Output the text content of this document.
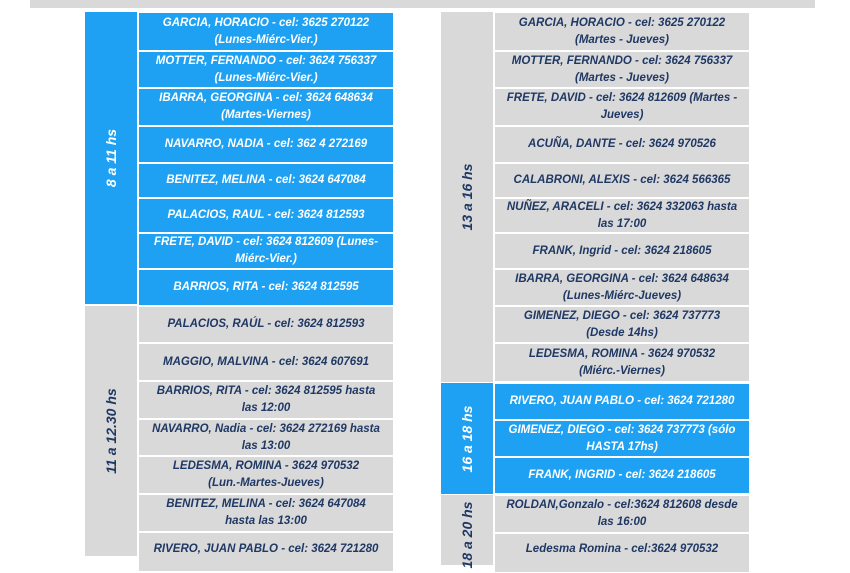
8 a 11 hs
11 a 12.30 hs
GARCIA, HORACIO - cel: 3625 270122
(Lunes-Miérc-Vier.)
MOTTER, FERNANDO - cel: 3624 756337
(Lunes-Miérc-Vier.)
IBARRA, GEORGINA - cel: 3624 648634
(Martes-Viernes)
NAVARRO, NADIA - cel: 362 4 272169
BENITEZ, MELINA - cel: 3624 647084
PALACIOS, RAUL - cel: 3624 812593
FRETE, DAVID - cel: 3624 812609 (Lunes-
Miérc-Vier.)
BARRIOS, RITA - cel: 3624 812595
PALACIOS, RAÚL - cel: 3624 812593
MAGGIO, MALVINA - cel: 3624 607691
BARRIOS, RITA - cel: 3624 812595 hasta
las 12:00
NAVARRO, Nadia - cel: 3624 272169 hasta
las 13:00
LEDESMA, ROMINA - 3624 970532
(Lun.-Martes-Jueves)
BENITEZ, MELINA - cel: 3624 647084
hasta las 13:00
RIVERO, JUAN PABLO - cel: 3624 721280
13 a 16 hs
16 a 18 hs
18 a 20 hs
GARCIA, HORACIO - cel: 3625 270122
(Martes - Jueves)
MOTTER, FERNANDO - cel: 3624 756337
(Martes - Jueves)
FRETE, DAVID - cel: 3624 812609 (Martes -
Jueves)
ACUÑA, DANTE - cel: 3624 970526
CALABRONI, ALEXIS - cel: 3624 566365
NUÑEZ, ARACELI - cel: 3624 332063 hasta
las 17:00
FRANK, Ingrid - cel: 3624 218605
IBARRA, GEORGINA - cel: 3624 648634
(Lunes-Miérc-Jueves)
GIMENEZ, DIEGO - cel: 3624 737773
(Desde 14hs)
LEDESMA, ROMINA - 3624 970532
(Miérc.-Viernes)
RIVERO, JUAN PABLO - cel: 3624 721280
GIMENEZ, DIEGO - cel: 3624 737773 (sólo
HASTA 17hs)
FRANK, INGRID - cel: 3624 218605
ROLDAN,Gonzalo - cel:3624 812608 desde
las 16:00
Ledesma Romina - cel:3624 970532
